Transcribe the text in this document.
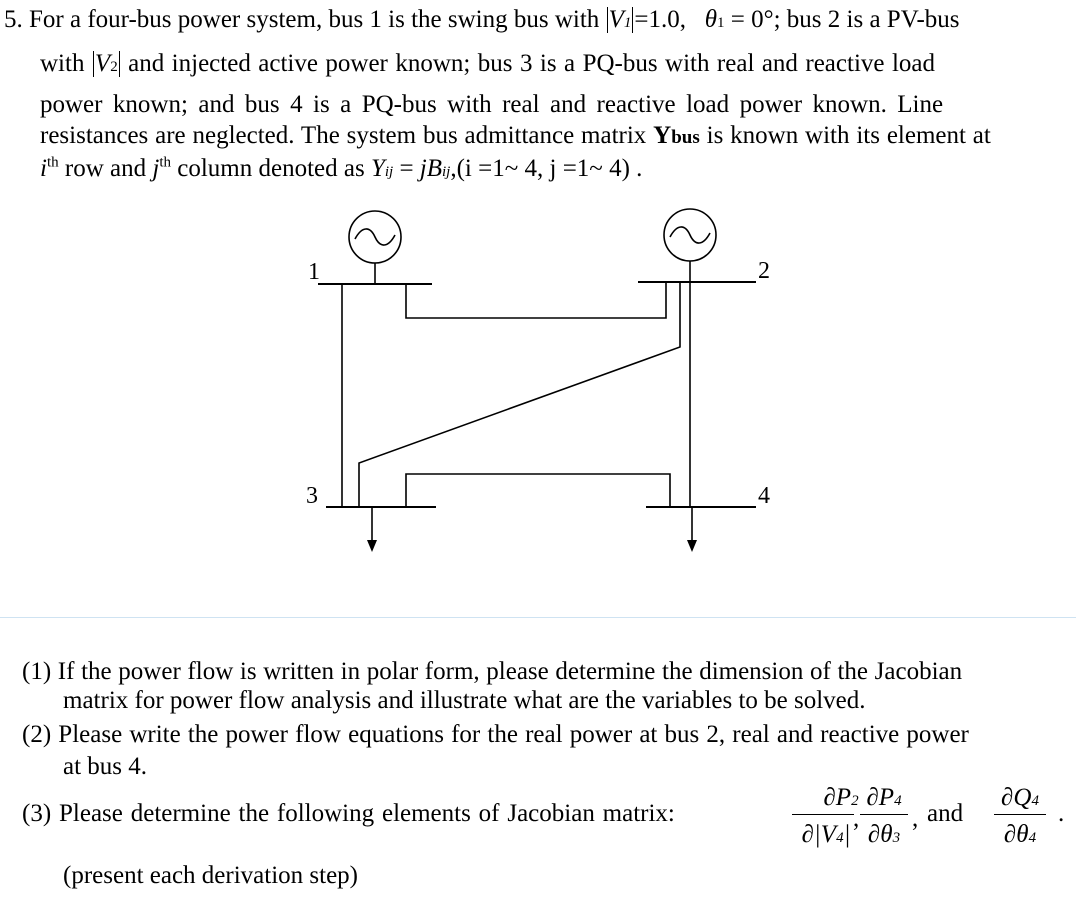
5. For a four-bus power system, bus 1 is the swing bus with V1 =1.0, θ1 = 0°; bus 2 is a PV-bus
with V2 and injected active power known; bus 3 is a PQ-bus with real and reactive load
power known; and bus 4 is a PQ-bus with real and reactive load power known. Line
resistances are neglected. The system bus admittance matrix Ybus is known with its element at
$i^{th}$ row and $j^{th}$ column denoted as Yij = jBij,(i =1~ 4, j =1~ 4) .
1	2
3	4
(1) If the power flow is written in polar form, please determine the dimension of the Jacobian
matrix for power flow analysis and illustrate what are the variables to be solved.
(2) Please write the power flow equations for the real power at bus 2, real and reactive power
at bus 4.
(3) Please determine the following elements of Jacobian matrix:
∂P2
∂|V4|
,
∂P4
∂θ3
, and
∂Q4
∂θ4
.
(present each derivation step)
